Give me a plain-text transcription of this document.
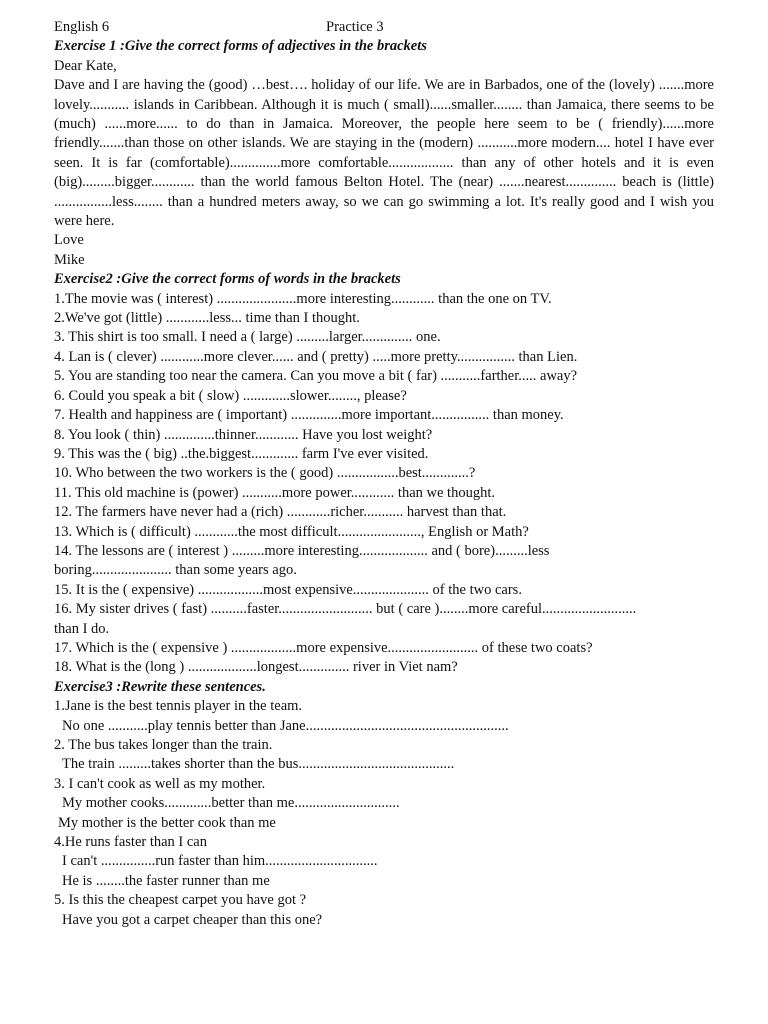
English 6	Practice 3
Exercise 1 :Give the correct forms of adjectives in the brackets
Dear Kate,
Dave and I are having the (good) …best…. holiday of our life. We are in Barbados, one of the (lovely) .......more lovely........... islands in Caribbean. Although it is much ( small)......smaller........ than Jamaica, there seems to be (much) ......more...... to do than in Jamaica. Moreover, the people here seem to be ( friendly)......more friendly.......than those on other islands. We are staying in the (modern) ...........more modern.... hotel I have ever seen. It is far (comfortable)..............more comfortable.................. than any of other hotels and it is even (big).........bigger............ than the world famous Belton Hotel. The (near) .......nearest.............. beach is (little) ................less........ than a hundred meters away, so we can go swimming a lot. It's really good and I wish you were here.
Love
Mike
Exercise2 :Give the correct forms of words in the brackets
1.The movie was ( interest) ......................more interesting............ than the one on TV.
2.We've got (little) ............less... time than I thought.
3. This shirt is too small. I need a ( large) .........larger.............. one.
4. Lan is ( clever) ............more clever...... and ( pretty) .....more pretty................ than Lien.
5. You are standing too near the camera. Can you move a bit ( far) ...........farther..... away?
6. Could you speak a bit ( slow) .............slower........, please?
7. Health and happiness are ( important) ..............more important................ than money.
8. You look ( thin) ..............thinner............ Have you lost weight?
9. This was the ( big) ..the.biggest............. farm I've ever visited.
10. Who between the two workers is the ( good) .................best.............?
11. This old machine is (power) ...........more power............ than we thought.
12. The farmers have never had a (rich) ............richer........... harvest than that.
13. Which is ( difficult) ............the most difficult......................., English or Math?
14. The lessons are ( interest ) .........more interesting................... and ( bore).........less
boring...................... than some years ago.
15. It is the ( expensive) ..................most expensive..................... of the two cars.
16. My sister drives ( fast) ..........faster.......................... but ( care )........more careful..........................
than I do.
17. Which is the ( expensive ) ..................more expensive......................... of these two coats?
18. What is the (long ) ...................longest.............. river in Viet nam?
Exercise3 :Rewrite these sentences.
1.Jane is the best tennis player in the team.
No one ...........play tennis better than Jane........................................................
2. The bus takes longer than the train.
The train .........takes shorter than the bus...........................................
3. I can't cook as well as my mother.
My mother cooks.............better than me.............................
My mother is the better cook than me
4.He runs faster than I can
I can't ...............run faster than him...............................
He is ........the faster runner than me
5. Is this the cheapest carpet you have got ?
Have you got a carpet cheaper than this one?
